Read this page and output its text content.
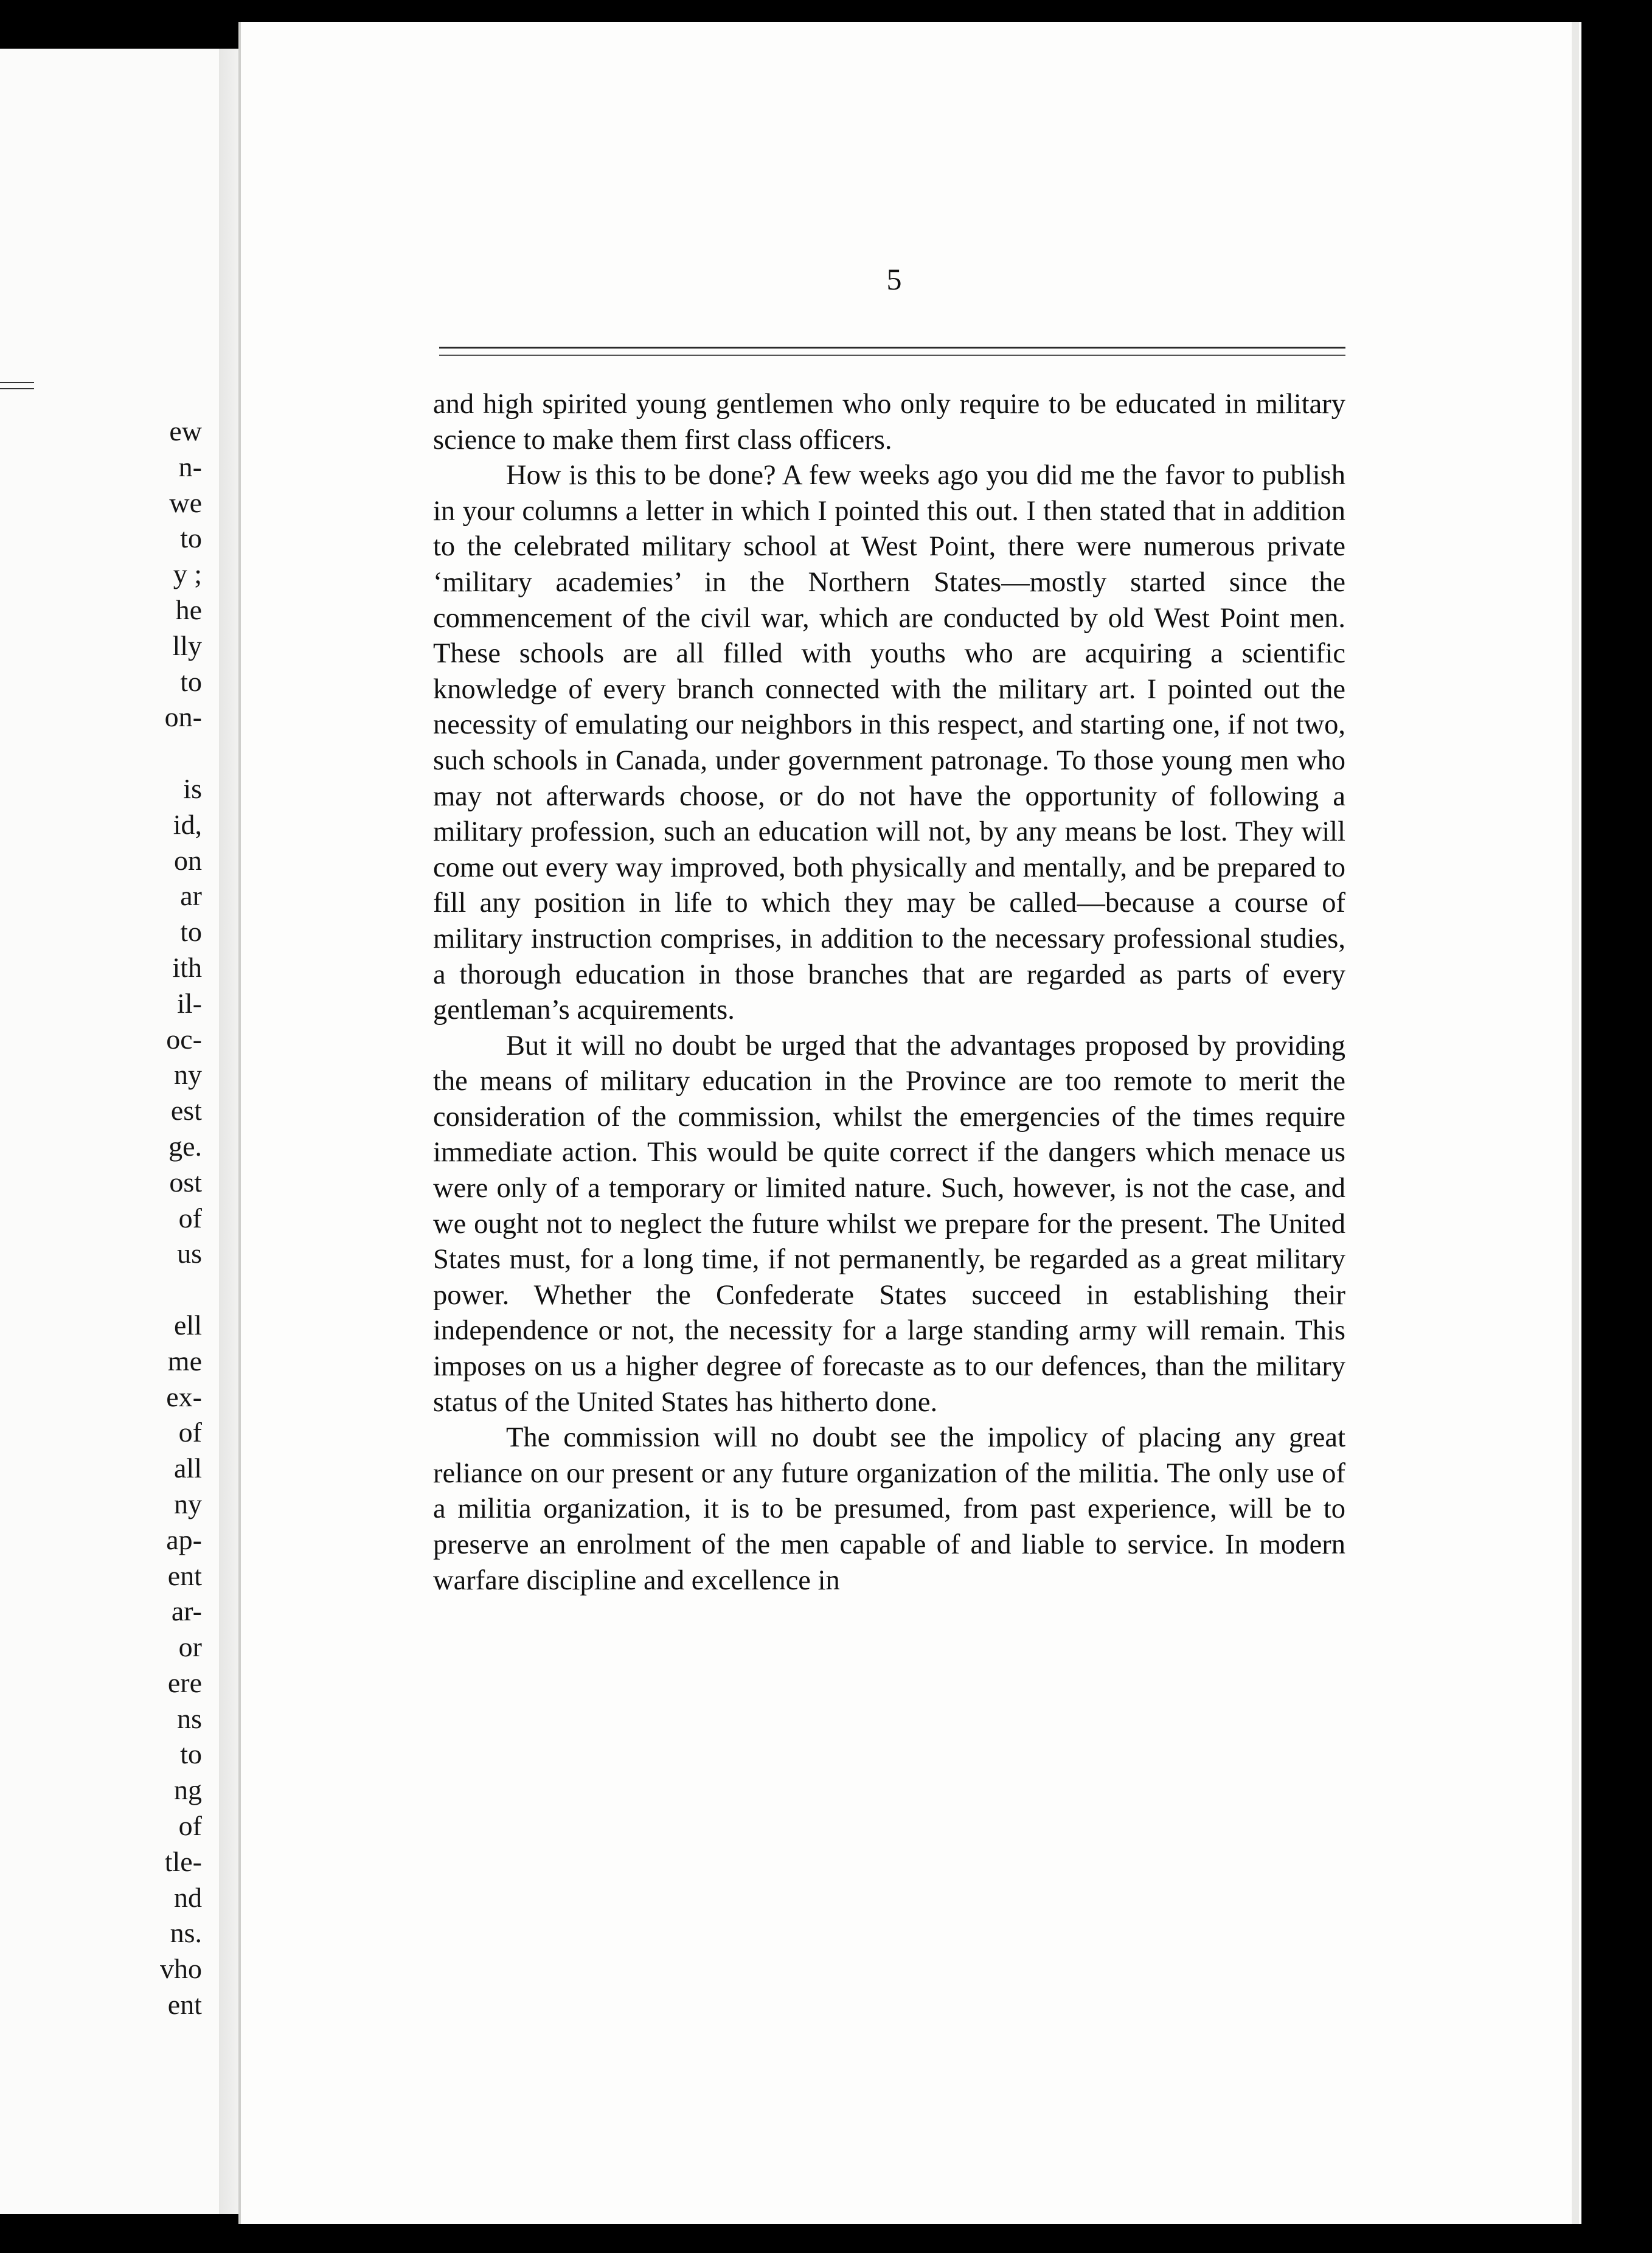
ew
n-
we
to
y ;
he
lly
to
on-

is
id,
on
ar
to
ith
il-
oc-
ny
est
ge.
ost
of
us

ell
me
ex-
of
all
ny
ap-
ent
ar-
or
ere
ns
to
ng
of
tle-
nd
ns.
vho
ent
5

and high spirited young gentlemen who only require to be educated in military science to make them first class officers.

How is this to be done? A few weeks ago you did me the favor to publish in your columns a letter in which I pointed this out. I then stated that in addition to the celebrated military school at West Point, there were numerous private ‘military academies’ in the Northern States—mostly started since the commencement of the civil war, which are conducted by old West Point men. These schools are all filled with youths who are acquiring a scientific knowledge of every branch connected with the military art. I pointed out the necessity of emulating our neighbors in this respect, and starting one, if not two, such schools in Canada, under government patronage. To those young men who may not afterwards choose, or do not have the opportunity of following a military profession, such an education will not, by any means be lost. They will come out every way improved, both physically and mentally, and be prepared to fill any position in life to which they may be called—because a course of military instruction comprises, in addition to the necessary professional studies, a thorough education in those branches that are regarded as parts of every gentleman’s acquirements.

But it will no doubt be urged that the advantages proposed by providing the means of military education in the Province are too remote to merit the consideration of the commission, whilst the emergencies of the times require immediate action. This would be quite correct if the dangers which menace us were only of a temporary or limited nature. Such, however, is not the case, and we ought not to neglect the future whilst we prepare for the present. The United States must, for a long time, if not permanently, be regarded as a great military power. Whether the Confederate States succeed in establishing their independence or not, the necessity for a large standing army will remain. This imposes on us a higher degree of forecaste as to our defences, than the military status of the United States has hitherto done.

The commission will no doubt see the impolicy of placing any great reliance on our present or any future organization of the militia. The only use of a militia organization, it is to be presumed, from past experience, will be to preserve an enrolment of the men capable of and liable to service. In modern warfare discipline and excellence in
